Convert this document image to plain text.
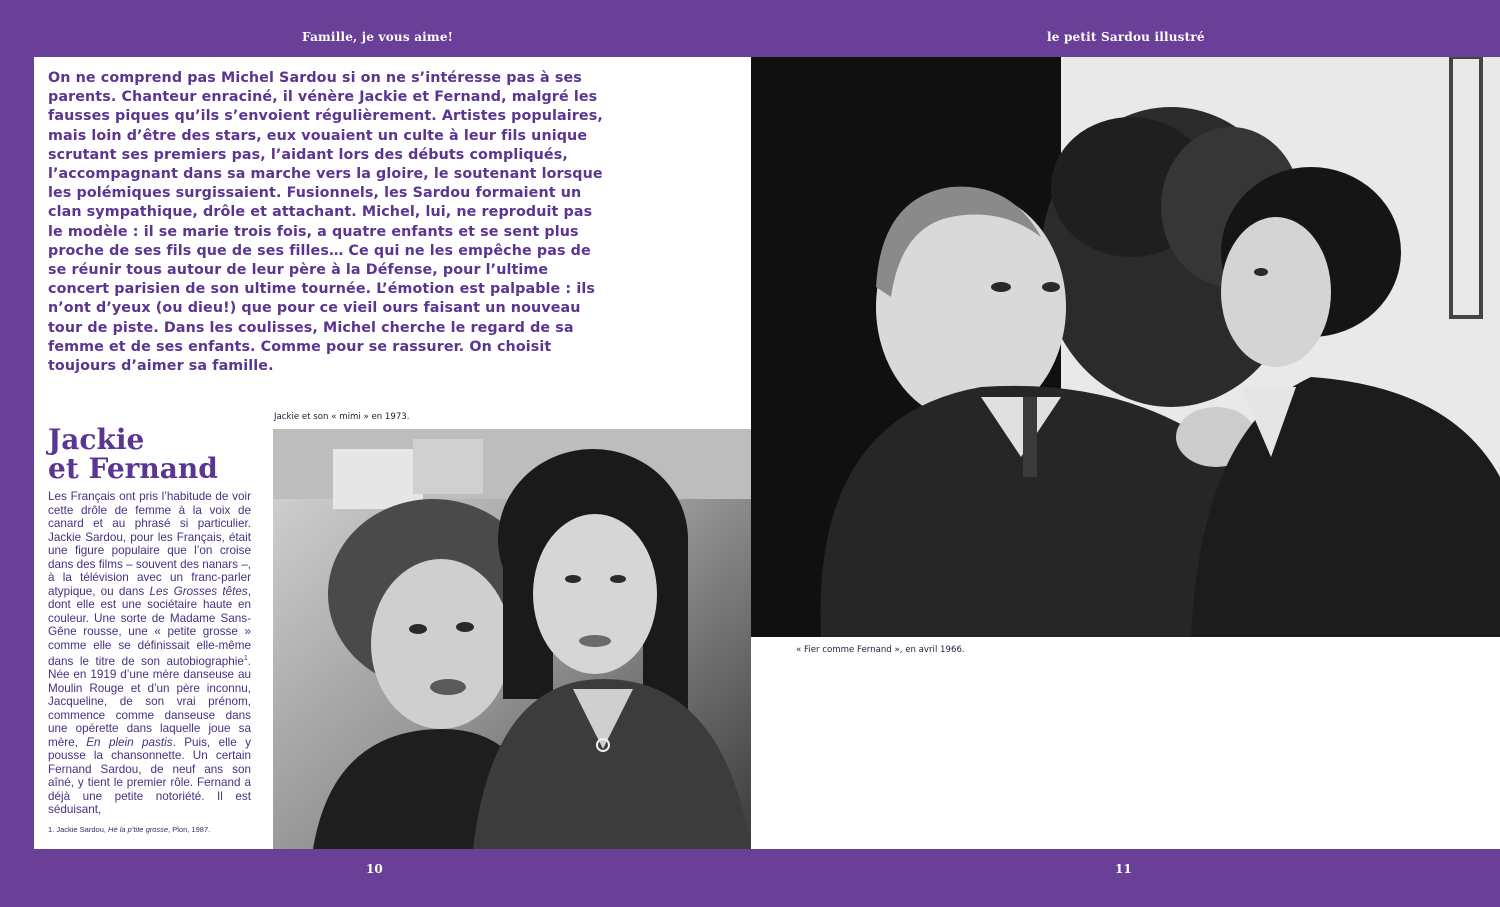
Famille, je vous aime!	le petit Sardou illustré

On ne comprend pas Michel Sardou si on ne s’intéresse pas à ses parents. Chanteur enraciné, il vénère Jackie et Fernand, malgré les fausses piques qu’ils s’envoient régulièrement. Artistes populaires, mais loin d’être des stars, eux vouaient un culte à leur fils unique scrutant ses premiers pas, l’aidant lors des débuts compliqués, l’accompagnant dans sa marche vers la gloire, le soutenant lorsque les polémiques surgissaient. Fusionnels, les Sardou formaient un clan sympathique, drôle et attachant. Michel, lui, ne reproduit pas le modèle : il se marie trois fois, a quatre enfants et se sent plus proche de ses fils que de ses filles… Ce qui ne les empêche pas de se réunir tous autour de leur père à la Défense, pour l’ultime concert parisien de son ultime tournée. L’émotion est palpable : ils n’ont d’yeux (ou dieu!) que pour ce vieil ours faisant un nouveau tour de piste. Dans les coulisses, Michel cherche le regard de sa femme et de ses enfants. Comme pour se rassurer. On choisit toujours d’aimer sa famille.

Jackie et son « mimi » en 1973.
Jackie
et Fernand

Les Français ont pris l’habitude de voir cette drôle de femme à la voix de canard et au phrasé si particulier. Jackie Sardou, pour les Français, était une figure populaire que l’on croise dans des films – souvent des nanars –, à la télévision avec un franc-parler atypique, ou dans Les Grosses têtes, dont elle est une sociétaire haute en couleur. Une sorte de Madame Sans-Gêne rousse, une « petite grosse » comme elle se définissait elle-même dans le titre de son autobiographie$^1$. Née en 1919 d’une mère danseuse au Moulin Rouge et d’un père inconnu, Jacqueline, de son vrai prénom, commence comme danseuse dans une opérette dans laquelle joue sa mère, En plein pastis. Puis, elle y pousse la chansonnette. Un certain Fernand Sardou, de neuf ans son aîné, y tient le premier rôle. Fernand a déjà une petite notoriété. Il est séduisant,

1. Jackie Sardou, Hé la p’tite grosse, Plon, 1987.

« Fier comme Fernand », en avril 1966.
10	11
